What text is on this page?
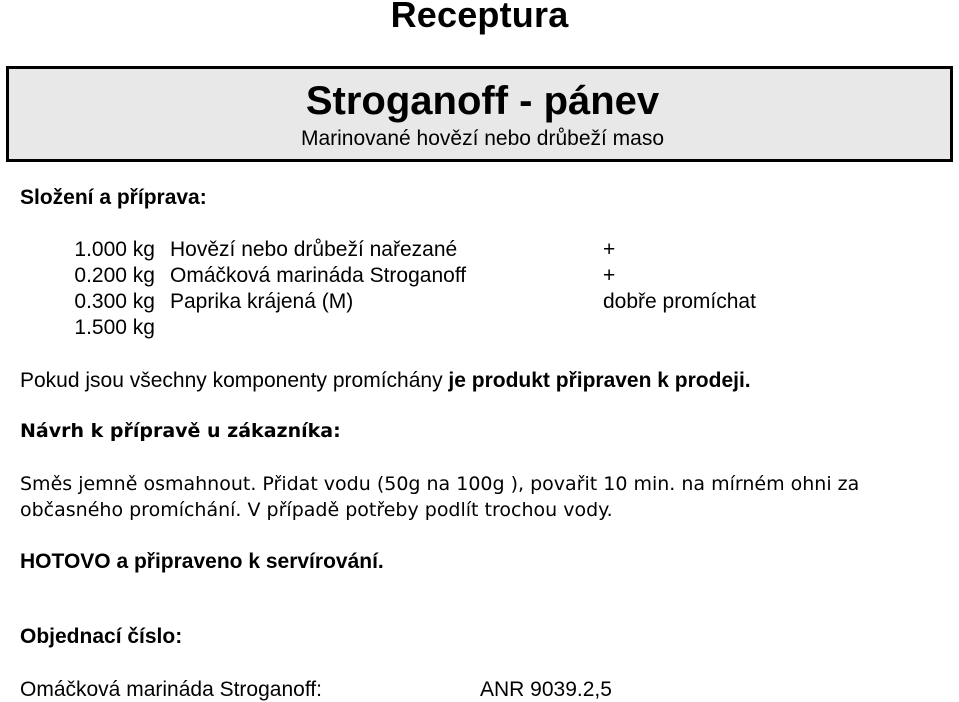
Receptura
Stroganoff - pánev
Marinované hovězí nebo drůbeží maso
Složení a příprava:
1.000 kg Hovězí nebo drůbeží nařezané	+
0.200 kg Omáčková marináda Stroganoff	+
0.300 kg Paprika krájená (M)	dobře promíchat
1.500 kg
Pokud jsou všechny komponenty promíchány je produkt připraven k prodeji.
Návrh k přípravě u zákazníka:
Směs jemně osmahnout. Přidat vodu (50g na 100g ), povařit 10 min. na mírném ohni za občasného promíchání. V případě potřeby podlít trochou vody.
HOTOVO a připraveno k servírování.
Objednací číslo:
Omáčková marináda Stroganoff:	ANR 9039.2,5
